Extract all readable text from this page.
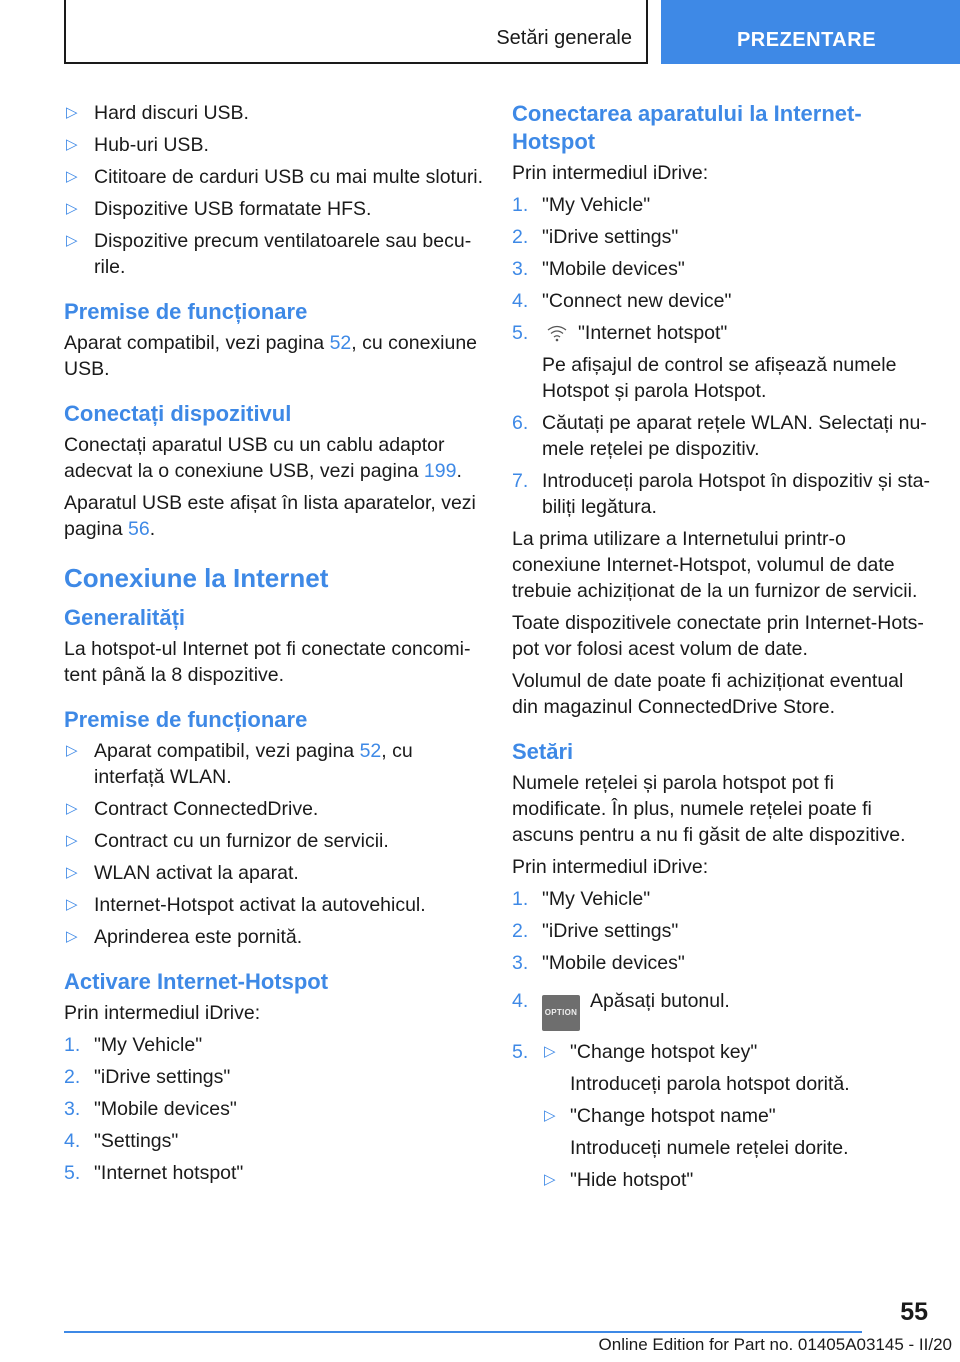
Setări generale	PREZENTARE
▷ Hard discuri USB.
▷ Hub-uri USB.
▷ Cititoare de carduri USB cu mai multe sloturi.
▷ Dispozitive USB formatate HFS.
▷ Dispozitive precum ventilatoarele sau becurile.
Premise de funcționare

Aparat compatibil, vezi pagina 52, cu conexiune USB.

Conectați dispozitivul

Conectați aparatul USB cu un cablu adaptor adecvat la o conexiune USB, vezi pagina 199.

Aparatul USB este afișat în lista aparatelor, vezi pagina 56.

Conexiune la Internet
Generalități

La hotspot-ul Internet pot fi conectate concomitent până la 8 dispozitive.

Premise de funcționare
▷ Aparat compatibil, vezi pagina 52, cu interfață WLAN.
▷ Contract ConnectedDrive.
▷ Contract cu un furnizor de servicii.
▷ WLAN activat la aparat.
▷ Internet-Hotspot activat la autovehicul.
▷ Aprinderea este pornită.
Activare Internet-Hotspot

Prin intermediul iDrive:

1. "My Vehicle"
2. "iDrive settings"
3. "Mobile devices"
4. "Settings"
5. "Internet hotspot"
Conectarea aparatului la Internet-Hotspot

Prin intermediul iDrive:

1. "My Vehicle"
2. "iDrive settings"
3. "Mobile devices"
4. "Connect new device"
5.	"Internet hotspot"
Pe afișajul de control se afișează numele Hotspot și parola Hotspot.
6. Căutați pe aparat rețele WLAN. Selectați numele rețelei pe dispozitiv.
7. Introduceți parola Hotspot în dispozitiv și stabiliți legătura.

La prima utilizare a Internetului printr-o conexiune Internet-Hotspot, volumul de date trebuie achiziționat de la un furnizor de servicii.

Toate dispozitivele conectate prin Internet-Hotspot vor folosi acest volum de date.

Volumul de date poate fi achiziționat eventual din magazinul ConnectedDrive Store.

Setări

Numele rețelei și parola hotspot pot fi modificate. În plus, numele rețelei poate fi ascuns pentru a nu fi găsit de alte dispozitive.

Prin intermediul iDrive:

1. "My Vehicle"
2. "iDrive settings"
3. "Mobile devices"
4.
OPTIONApăsați butonul.
5. ▷ "Change hotspot key"
Introduceți parola hotspot dorită.
▷ "Change hotspot name"
Introduceți numele rețelei dorite.
▷ "Hide hotspot"
55
Online Edition for Part no. 01405A03145 - II/20
